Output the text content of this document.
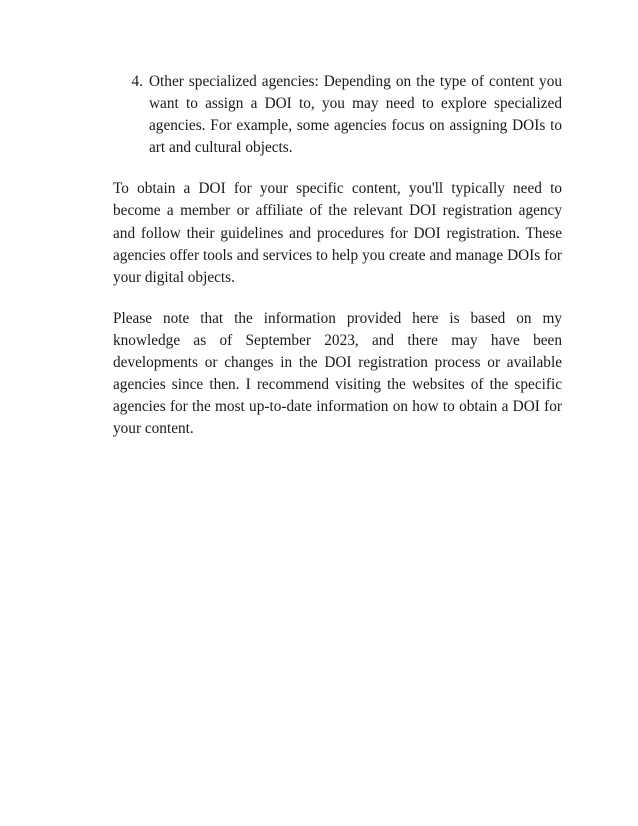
4. Other specialized agencies: Depending on the type of content you want to assign a DOI to, you may need to explore specialized agencies. For example, some agencies focus on assigning DOIs to art and cultural objects.

To obtain a DOI for your specific content, you'll typically need to become a member or affiliate of the relevant DOI registration agency and follow their guidelines and procedures for DOI registration. These agencies offer tools and services to help you create and manage DOIs for your digital objects.

Please note that the information provided here is based on my knowledge as of September 2023, and there may have been developments or changes in the DOI registration process or available agencies since then. I recommend visiting the websites of the specific agencies for the most up-to-date information on how to obtain a DOI for your content.
